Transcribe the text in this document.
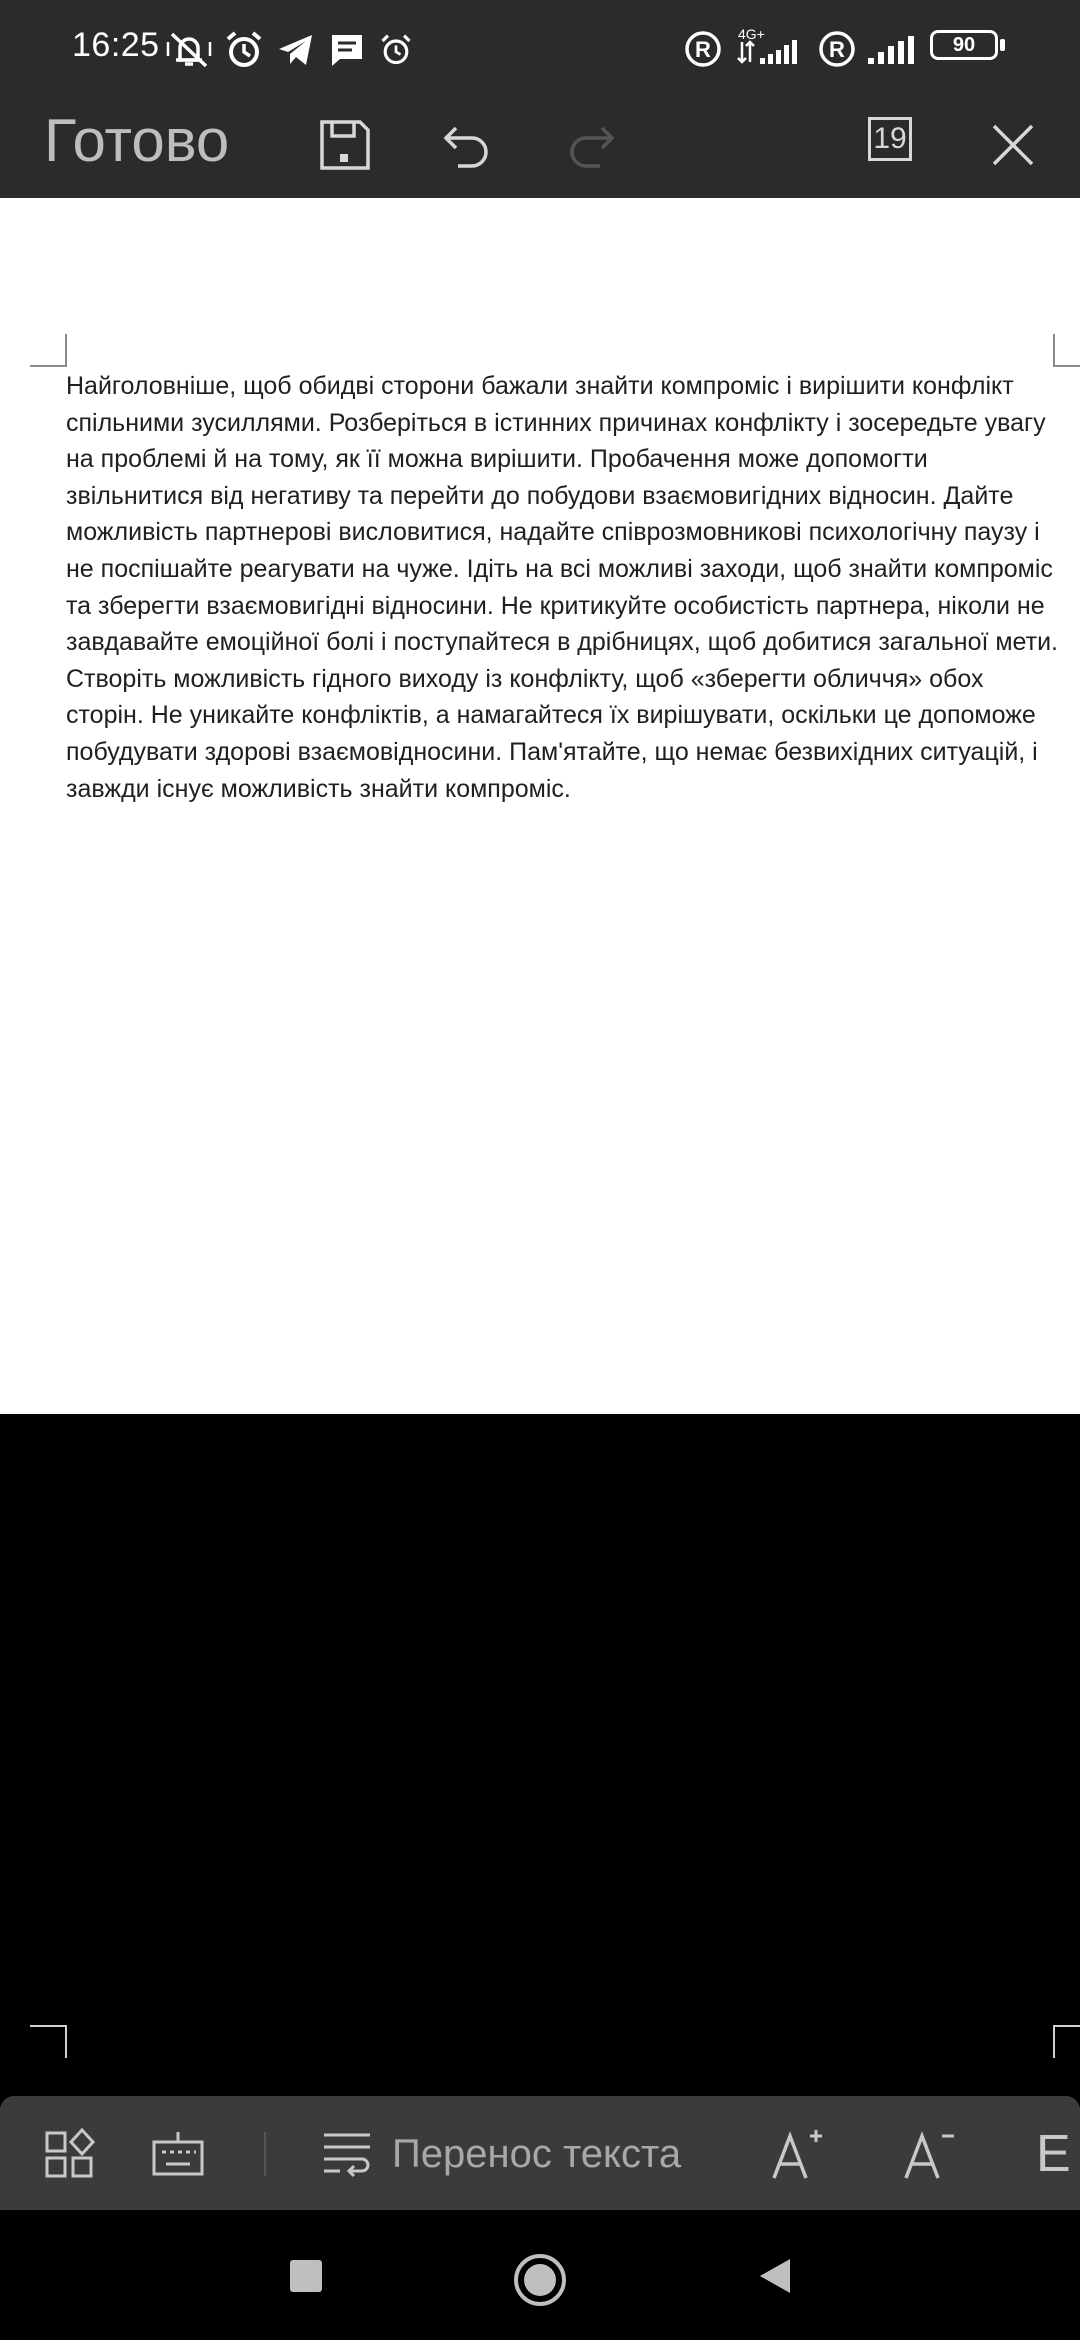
16:25	R
4G+
R	90
Готово	19

Найголовніше, щоб обидві сторони бажали знайти компроміс і вирішити конфлікт спільними зусиллями. Розберіться в істинних причинах конфлікту і зосередьте увагу на проблемі й на тому, як її можна вирішити. Пробачення може допомогти звільнитися від негативу та перейти до побудови взаємовигідних відносин. Дайте можливість партнерові висловитися, надайте співрозмовникові психологічну паузу і не поспішайте реагувати на чуже. Ідіть на всі можливі заходи, щоб знайти компроміс та зберегти взаємовигідні відносини. Не критикуйте особистість партнера, ніколи не завдавайте емоційної болі і поступайтеся в дрібницях, щоб добитися загальної мети. Створіть можливість гідного виходу із конфлікту, щоб «зберегти обличчя» обох сторін. Не уникайте конфліктів, а намагайтеся їх вирішувати, оскільки це допоможе побудувати здорові взаємовідносини. Пам'ятайте, що немає безвихідних ситуацій, і завжди існує можливість знайти компроміс.

Перенос текста	E
